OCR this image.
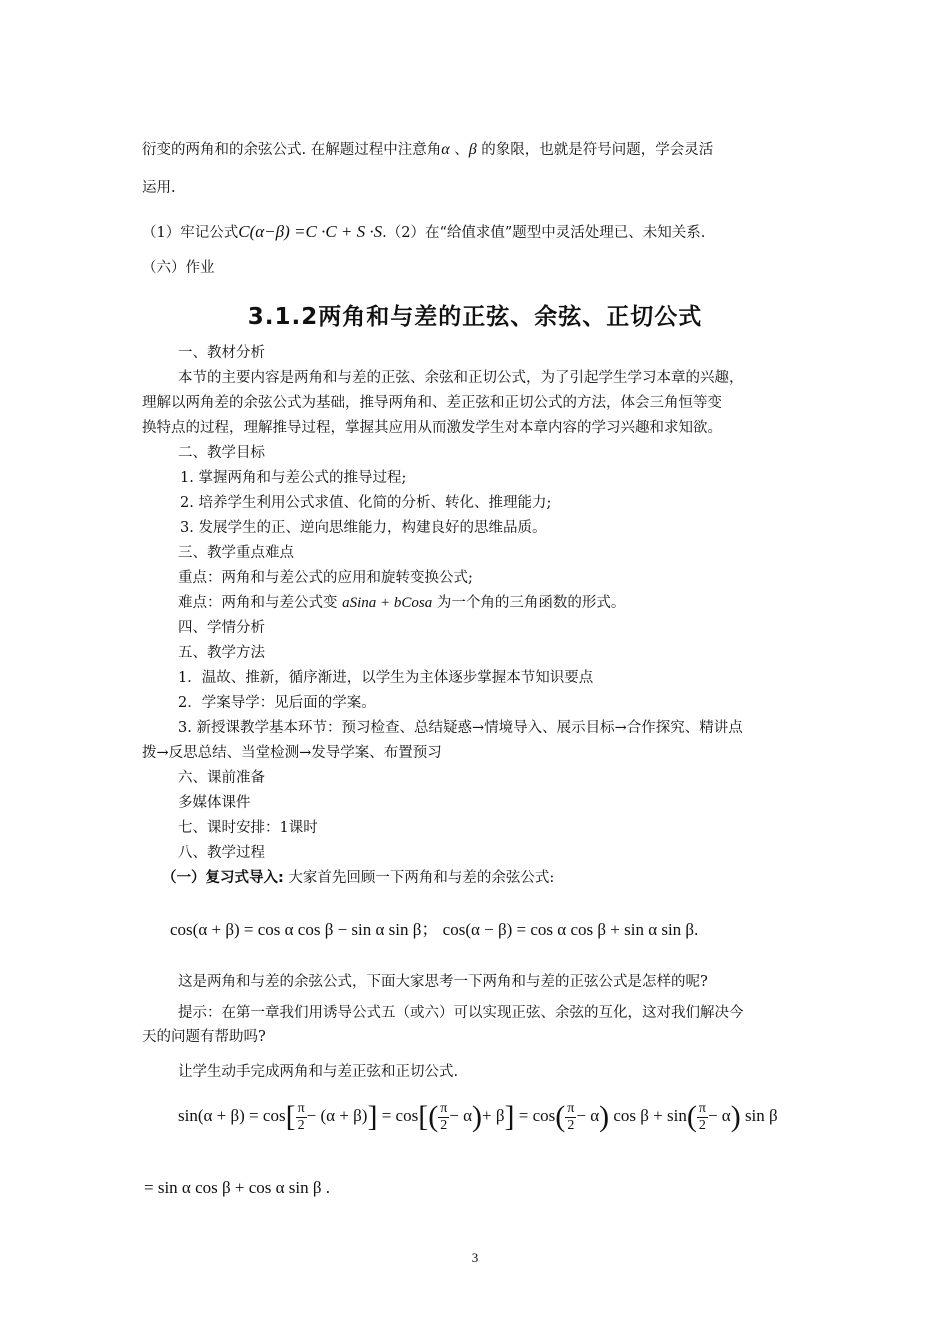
衍变的两角和的余弦公式. 在解题过程中注意角α 、β 的象限，也就是符号问题，学会灵活
运用.
（1）牢记公式C(α−β) =C ·C + S ·S.（2）在“给值求值”题型中灵活处理已、未知关系.
（六）作业
3.1.2两角和与差的正弦、余弦、正切公式
一、教材分析
本节的主要内容是两角和与差的正弦、余弦和正切公式，为了引起学生学习本章的兴趣，
理解以两角差的余弦公式为基础，推导两角和、差正弦和正切公式的方法，体会三角恒等变
换特点的过程，理解推导过程，掌握其应用从而激发学生对本章内容的学习兴趣和求知欲。
二、教学目标
1. 掌握两角和与差公式的推导过程;
2. 培养学生利用公式求值、化简的分析、转化、推理能力;
3. 发展学生的正、逆向思维能力，构建良好的思维品质。
三、教学重点难点
重点：两角和与差公式的应用和旋转变换公式;
难点：两角和与差公式变 aSina + bCosa 为一个角的三角函数的形式。
四、学情分析
五、教学方法
1．温故、推新，循序渐进，以学生为主体逐步掌握本节知识要点
2．学案导学：见后面的学案。
3. 新授课教学基本环节：预习检查、总结疑惑→情境导入、展示目标→合作探究、精讲点
拨→反思总结、当堂检测→发导学案、布置预习
六、课前准备
多媒体课件
七、课时安排：1课时
八、教学过程
（一）复习式导入: 大家首先回顾一下两角和与差的余弦公式:
cos(α + β) = cos α cos β − sin α sin β； cos(α − β) = cos α cos β + sin α sin β.
这是两角和与差的余弦公式，下面大家思考一下两角和与差的正弦公式是怎样的呢?
提示：在第一章我们用诱导公式五（或六）可以实现正弦、余弦的互化，这对我们解决今
天的问题有帮助吗?
让学生动手完成两角和与差正弦和正切公式.
$\sin(\alpha + \beta) = \cos[ \frac{\pi}{2} - (\alpha + \beta)] = \cos[( \frac{\pi}{2} - \alpha)+ \beta] = \cos( \frac{\pi}{2} - \alpha)$ $\cos \beta + \sin( \frac{\pi}{2} - \alpha)$ sin β
= sin α cos β + cos α sin β .
3
